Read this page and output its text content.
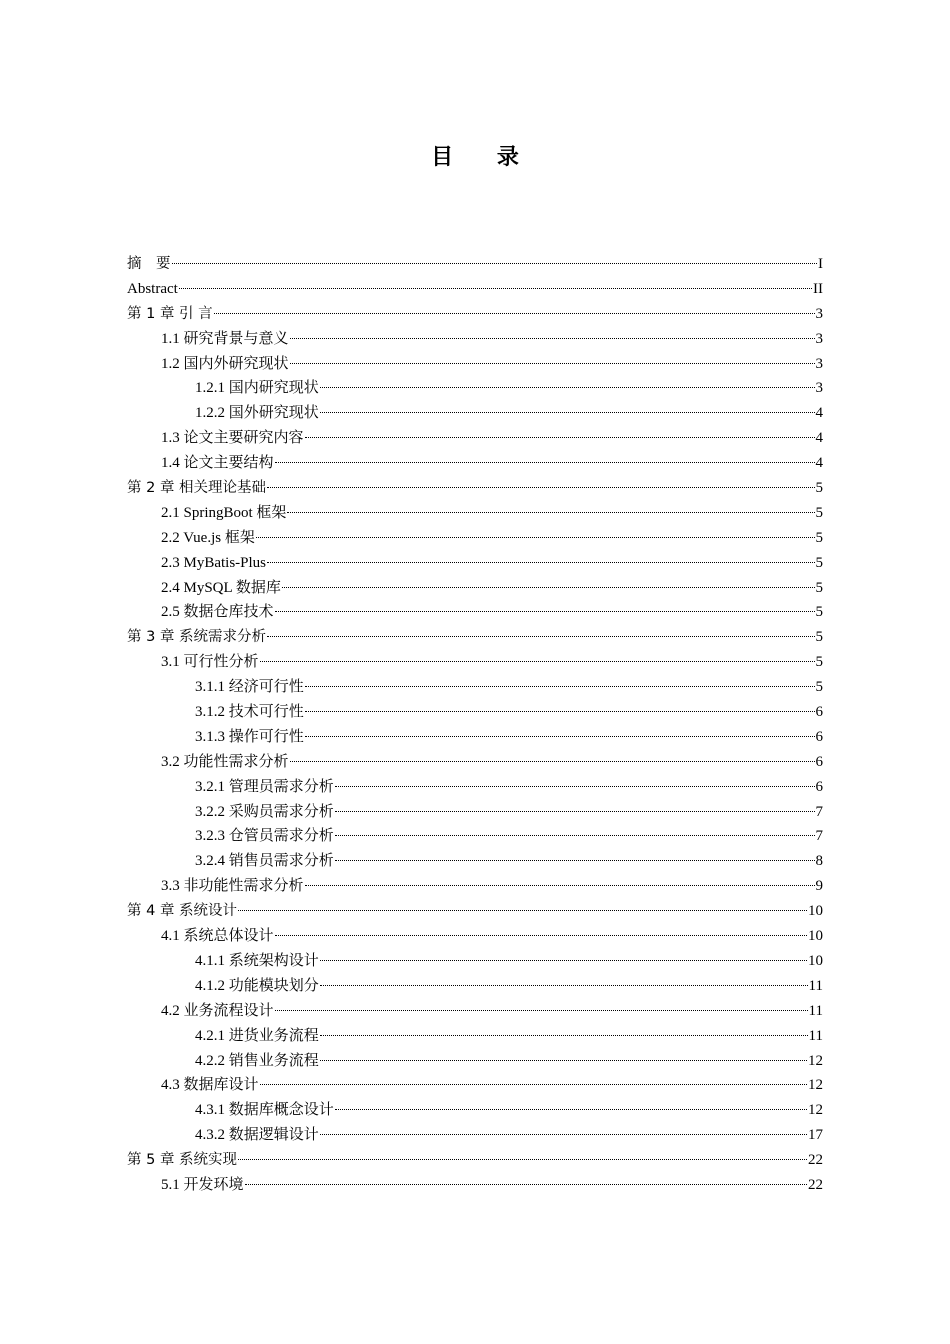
目 录
摘　要	I
Abstract	II
第 1 章 引 言	3
1.1 研究背景与意义	3
1.2 国内外研究现状	3
1.2.1 国内研究现状	3
1.2.2 国外研究现状	4
1.3 论文主要研究内容	4
1.4 论文主要结构	4
第 2 章 相关理论基础	5
2.1 SpringBoot 框架	5
2.2 Vue.js 框架	5
2.3 MyBatis-Plus	5
2.4 MySQL 数据库	5
2.5 数据仓库技术	5
第 3 章 系统需求分析	5
3.1 可行性分析	5
3.1.1 经济可行性	5
3.1.2 技术可行性	6
3.1.3 操作可行性	6
3.2 功能性需求分析	6
3.2.1 管理员需求分析	6
3.2.2 采购员需求分析	7
3.2.3 仓管员需求分析	7
3.2.4 销售员需求分析	8
3.3 非功能性需求分析	9
第 4 章 系统设计	10
4.1 系统总体设计	10
4.1.1 系统架构设计	10
4.1.2 功能模块划分	11
4.2 业务流程设计	11
4.2.1 进货业务流程	11
4.2.2 销售业务流程	12
4.3 数据库设计	12
4.3.1 数据库概念设计	12
4.3.2 数据逻辑设计	17
第 5 章 系统实现	22
5.1 开发环境	22
